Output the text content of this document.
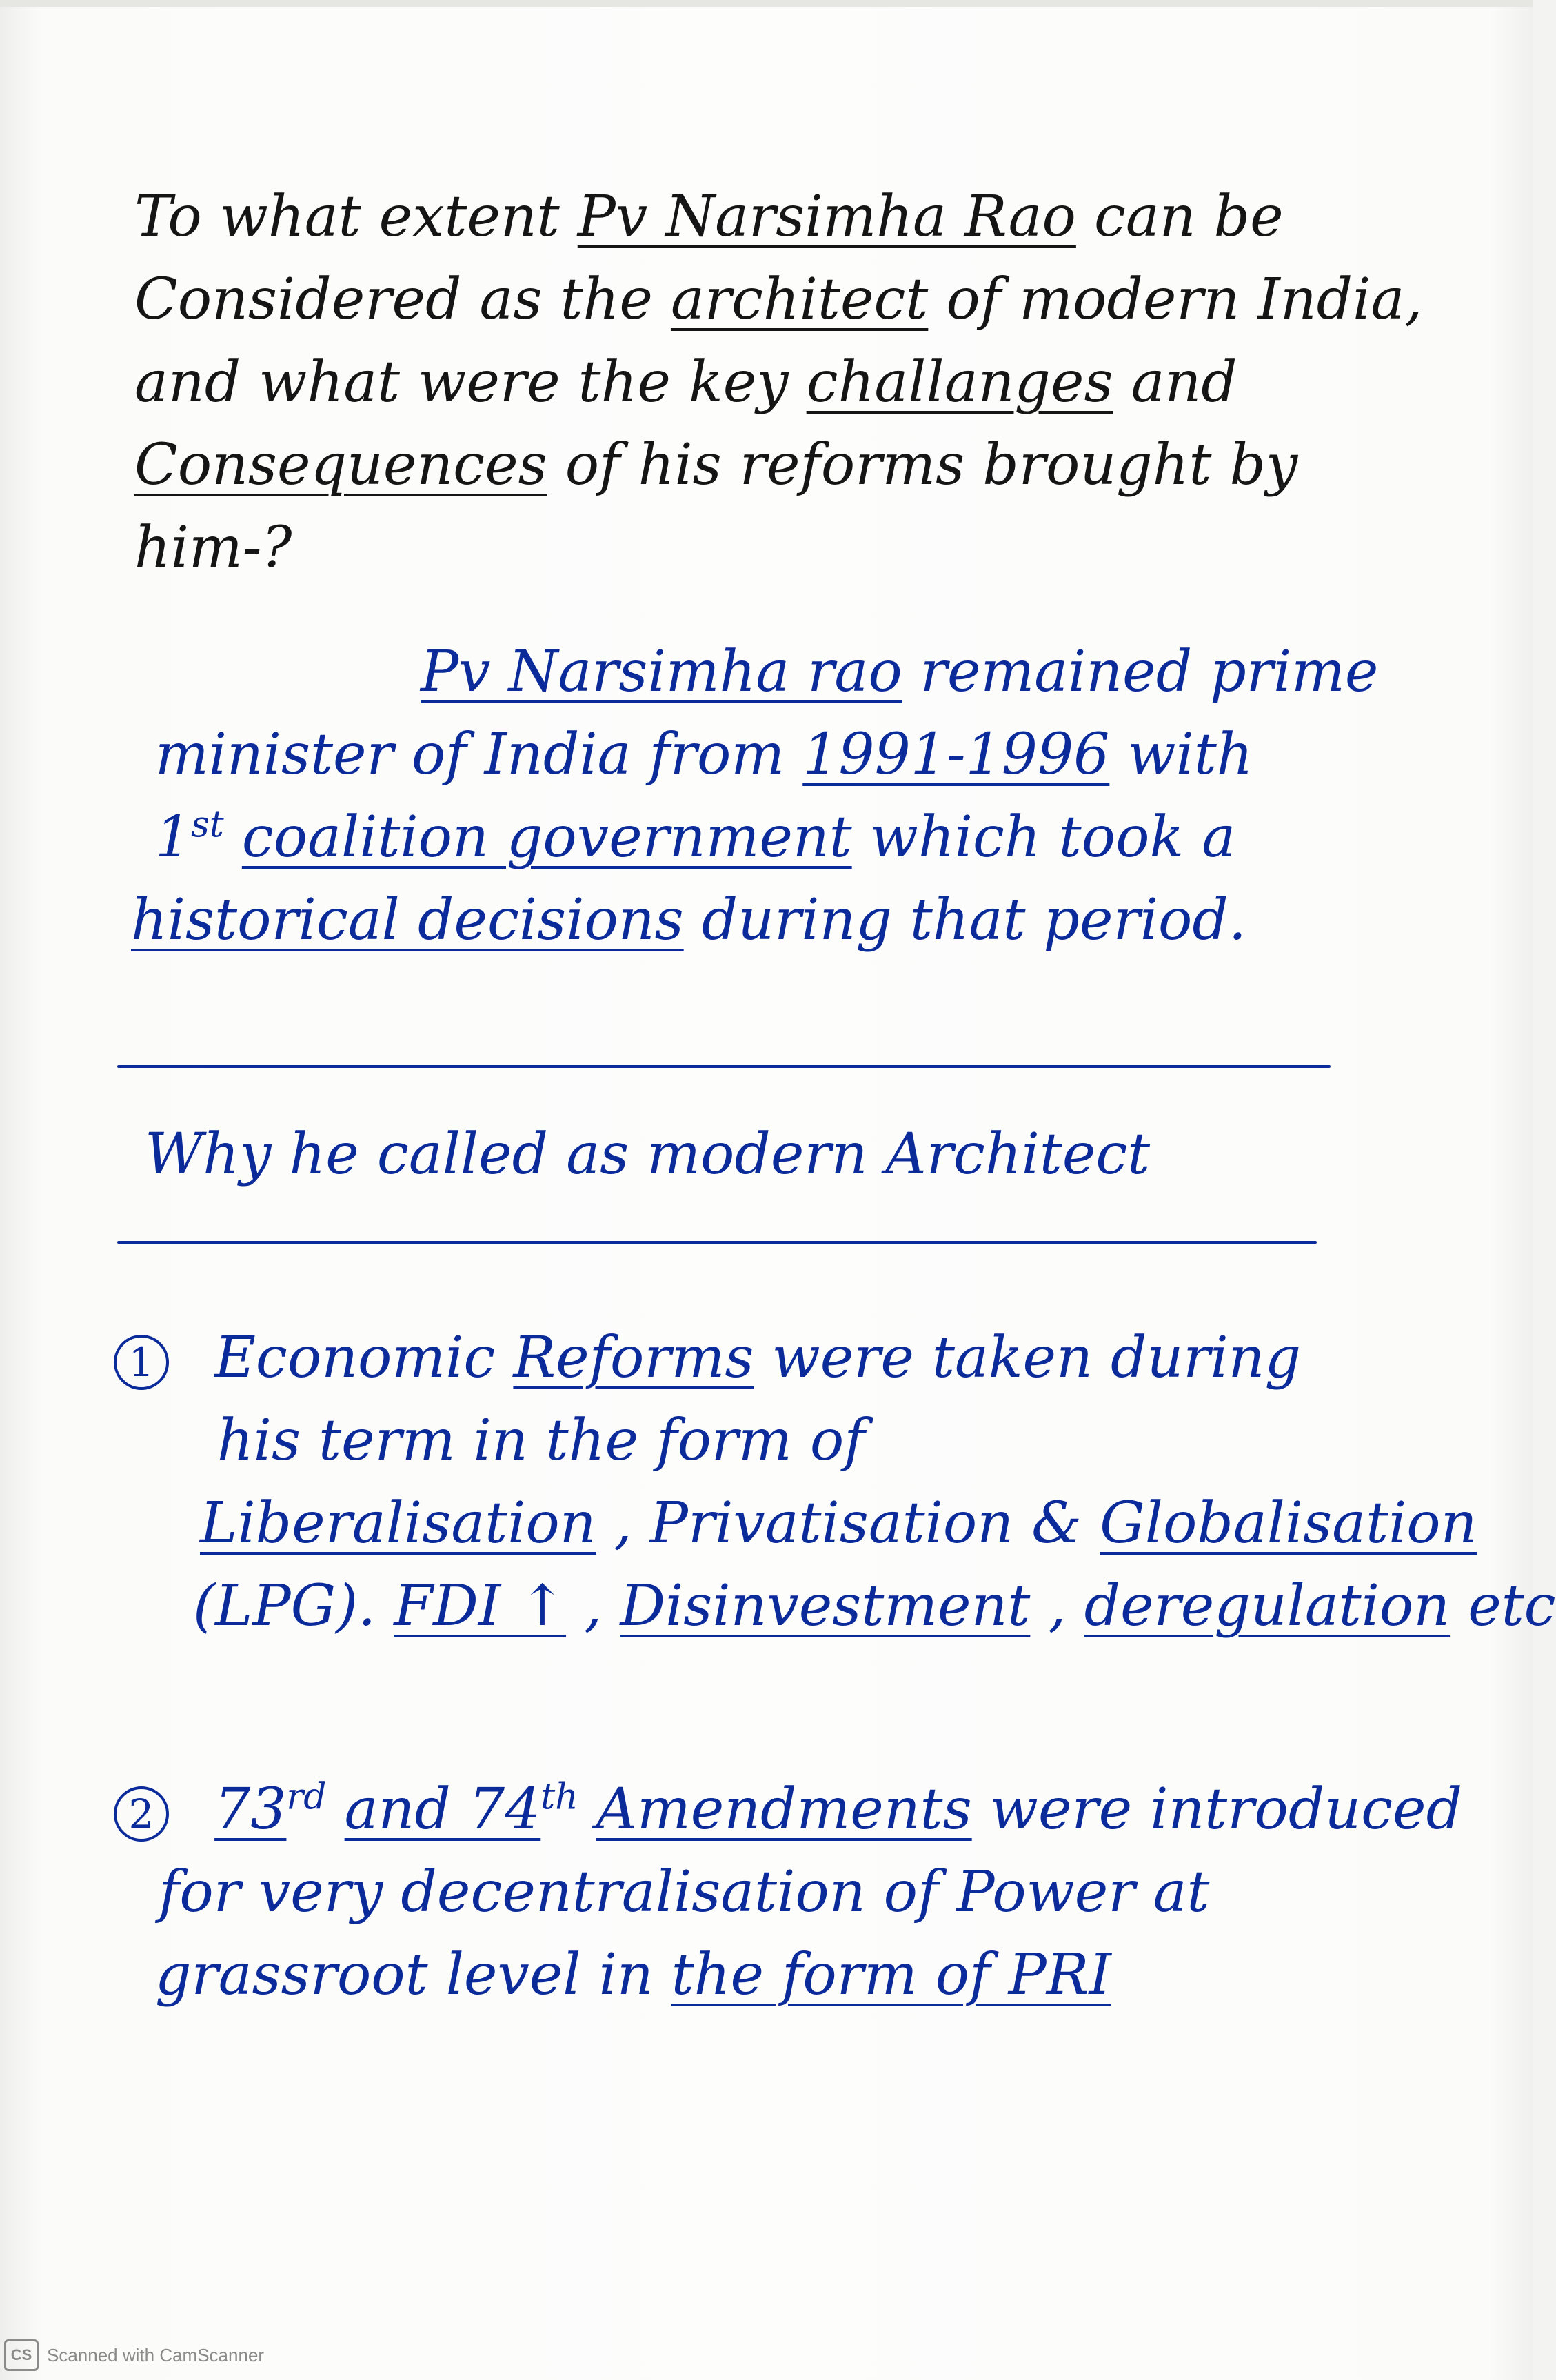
To what extent Pv Narsimha Rao can be
Considered as the architect of modern India,
and what were the key challanges and
Consequences of his reforms brought by
him-?
Pv Narsimha rao remained prime
minister of India from 1991-1996 with
1st coalition government which took a
historical decisions during that period.
Why he called as modern Architect
1 Economic Reforms were taken during
his term in the form of
Liberalisation , Privatisation & Globalisation
(LPG). FDI ↑ , Disinvestment , deregulation etc
2 73rd and 74th Amendments were introduced
for very decentralisation of Power at
grassroot level in the form of PRI
CS Scanned with CamScanner
